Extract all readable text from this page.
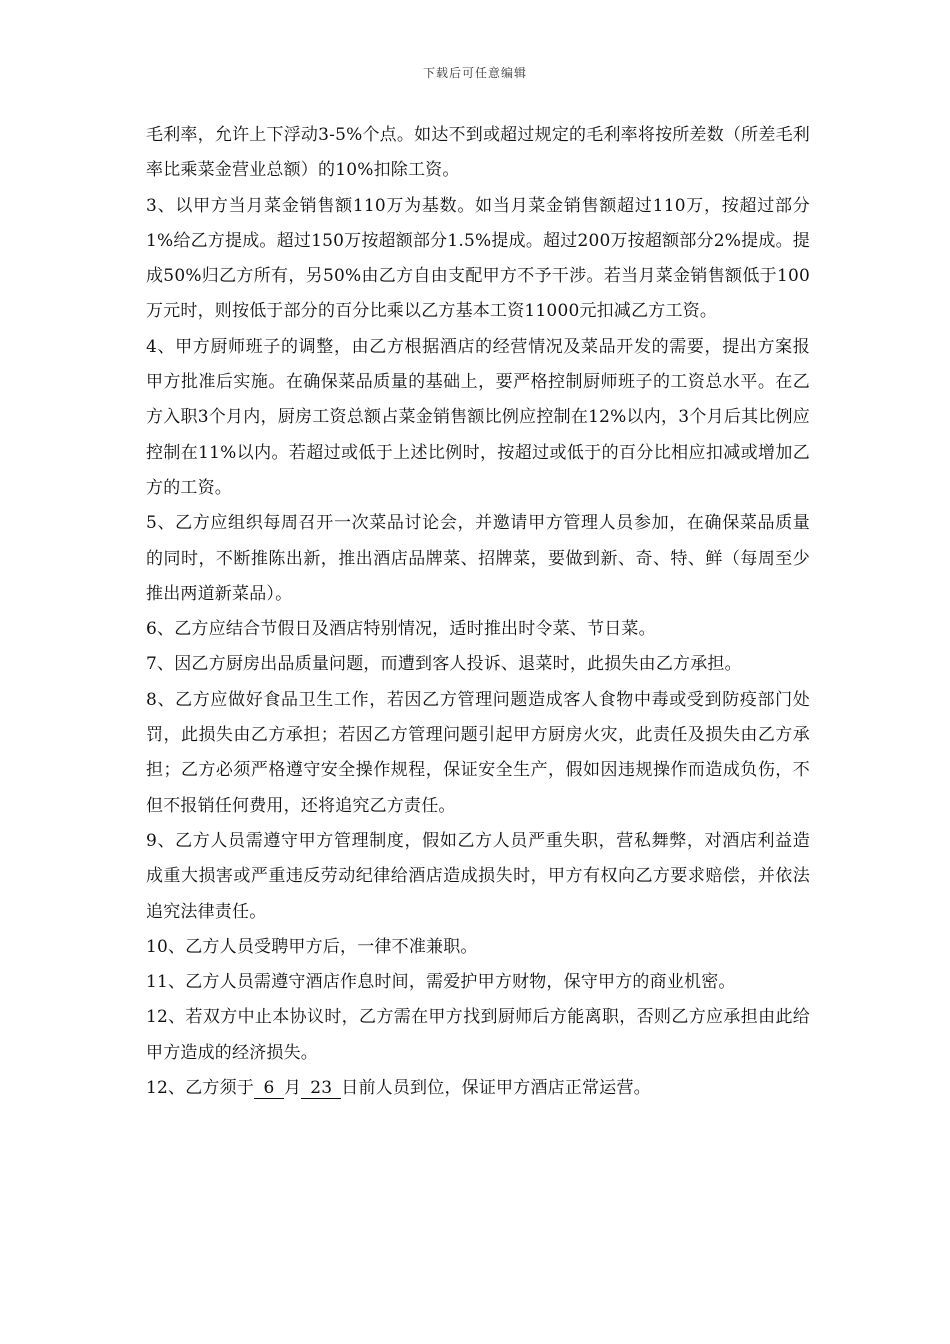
下载后可任意编辑

毛利率，允许上下浮动3-5%个点。如达不到或超过规定的毛利率将按所差数（所差毛利率比乘菜金营业总额）的10%扣除工资。

3、以甲方当月菜金销售额110万为基数。如当月菜金销售额超过110万，按超过部分1%给乙方提成。超过150万按超额部分1.5%提成。超过200万按超额部分2%提成。提成50%归乙方所有，另50%由乙方自由支配甲方不予干涉。若当月菜金销售额低于100万元时，则按低于部分的百分比乘以乙方基本工资11000元扣减乙方工资。

4、甲方厨师班子的调整，由乙方根据酒店的经营情况及菜品开发的需要，提出方案报甲方批准后实施。在确保菜品质量的基础上，要严格控制厨师班子的工资总水平。在乙方入职3个月内，厨房工资总额占菜金销售额比例应控制在12%以内，3个月后其比例应控制在11%以内。若超过或低于上述比例时，按超过或低于的百分比相应扣减或增加乙方的工资。

5、乙方应组织每周召开一次菜品讨论会，并邀请甲方管理人员参加，在确保菜品质量的同时，不断推陈出新，推出酒店品牌菜、招牌菜，要做到新、奇、特、鲜（每周至少推出两道新菜品）。

6、乙方应结合节假日及酒店特别情况，适时推出时令菜、节日菜。

7、因乙方厨房出品质量问题，而遭到客人投诉、退菜时，此损失由乙方承担。

8、乙方应做好食品卫生工作，若因乙方管理问题造成客人食物中毒或受到防疫部门处罚，此损失由乙方承担；若因乙方管理问题引起甲方厨房火灾，此责任及损失由乙方承担；乙方必须严格遵守安全操作规程，保证安全生产，假如因违规操作而造成负伤，不但不报销任何费用，还将追究乙方责任。

9、乙方人员需遵守甲方管理制度，假如乙方人员严重失职，营私舞弊，对酒店利益造成重大损害或严重违反劳动纪律给酒店造成损失时，甲方有权向乙方要求赔偿，并依法追究法律责任。

10、乙方人员受聘甲方后，一律不准兼职。

11、乙方人员需遵守酒店作息时间，需爱护甲方财物，保守甲方的商业机密。

12、若双方中止本协议时，乙方需在甲方找到厨师后方能离职，否则乙方应承担由此给甲方造成的经济损失。

12、乙方须于 6 月 23 日前人员到位，保证甲方酒店正常运营。
